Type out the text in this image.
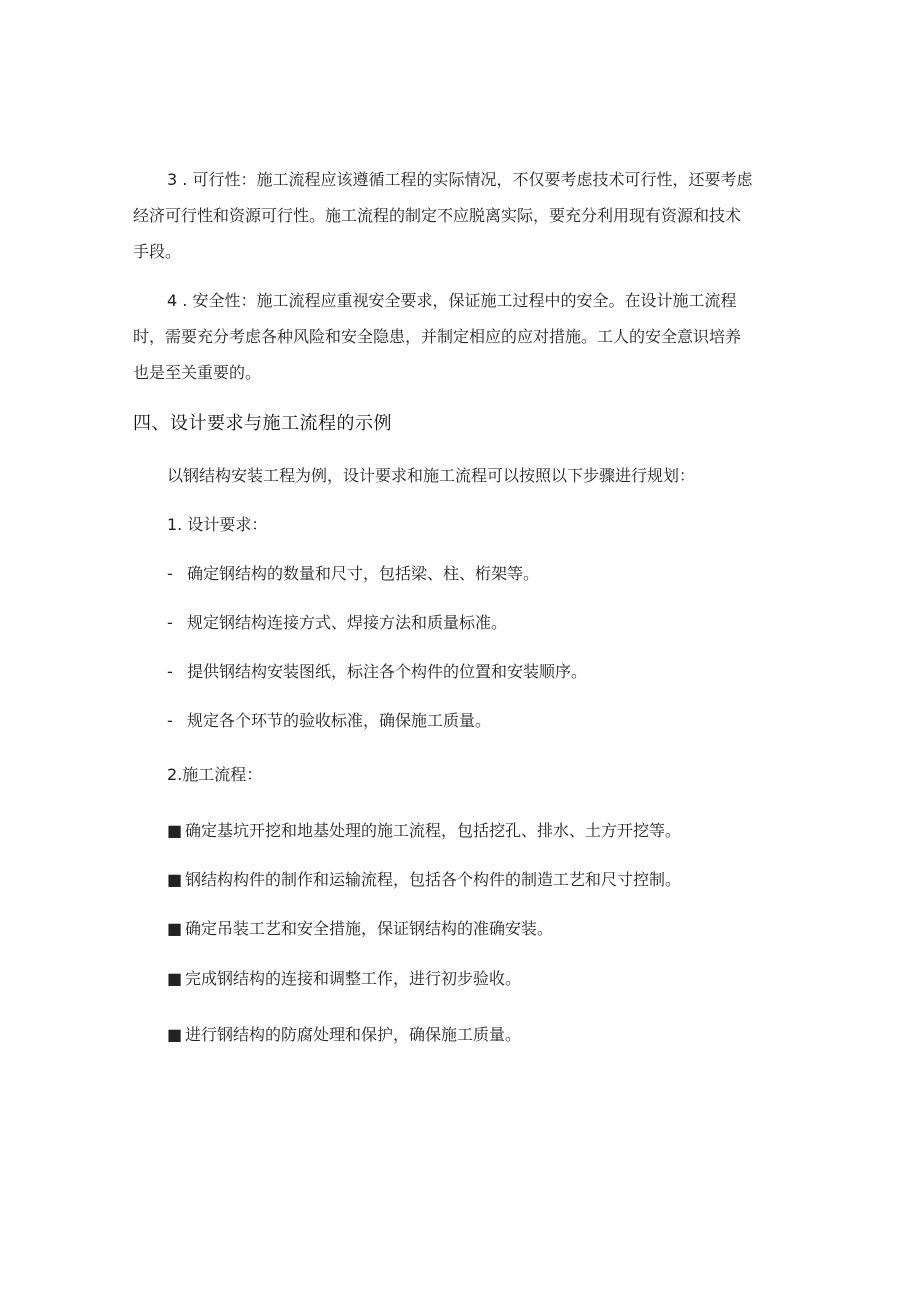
3 . 可行性：施工流程应该遵循工程的实际情况，不仅要考虑技术可行性，还要考虑
经济可行性和资源可行性。施工流程的制定不应脱离实际，要充分利用现有资源和技术
手段。
4 . 安全性：施工流程应重视安全要求，保证施工过程中的安全。在设计施工流程
时，需要充分考虑各种风险和安全隐患，并制定相应的应对措施。工人的安全意识培养
也是至关重要的。
四、设计要求与施工流程的示例
以钢结构安装工程为例，设计要求和施工流程可以按照以下步骤进行规划：
1. 设计要求：
- 确定钢结构的数量和尺寸，包括梁、柱、桁架等。
- 规定钢结构连接方式、焊接方法和质量标准。
- 提供钢结构安装图纸，标注各个构件的位置和安装顺序。
- 规定各个环节的验收标准，确保施工质量。
2.施工流程：
■ 确定基坑开挖和地基处理的施工流程，包括挖孔、排水、土方开挖等。
■ 钢结构构件的制作和运输流程，包括各个构件的制造工艺和尺寸控制。
■ 确定吊装工艺和安全措施，保证钢结构的准确安装。
■ 完成钢结构的连接和调整工作，进行初步验收。
■ 进行钢结构的防腐处理和保护，确保施工质量。
